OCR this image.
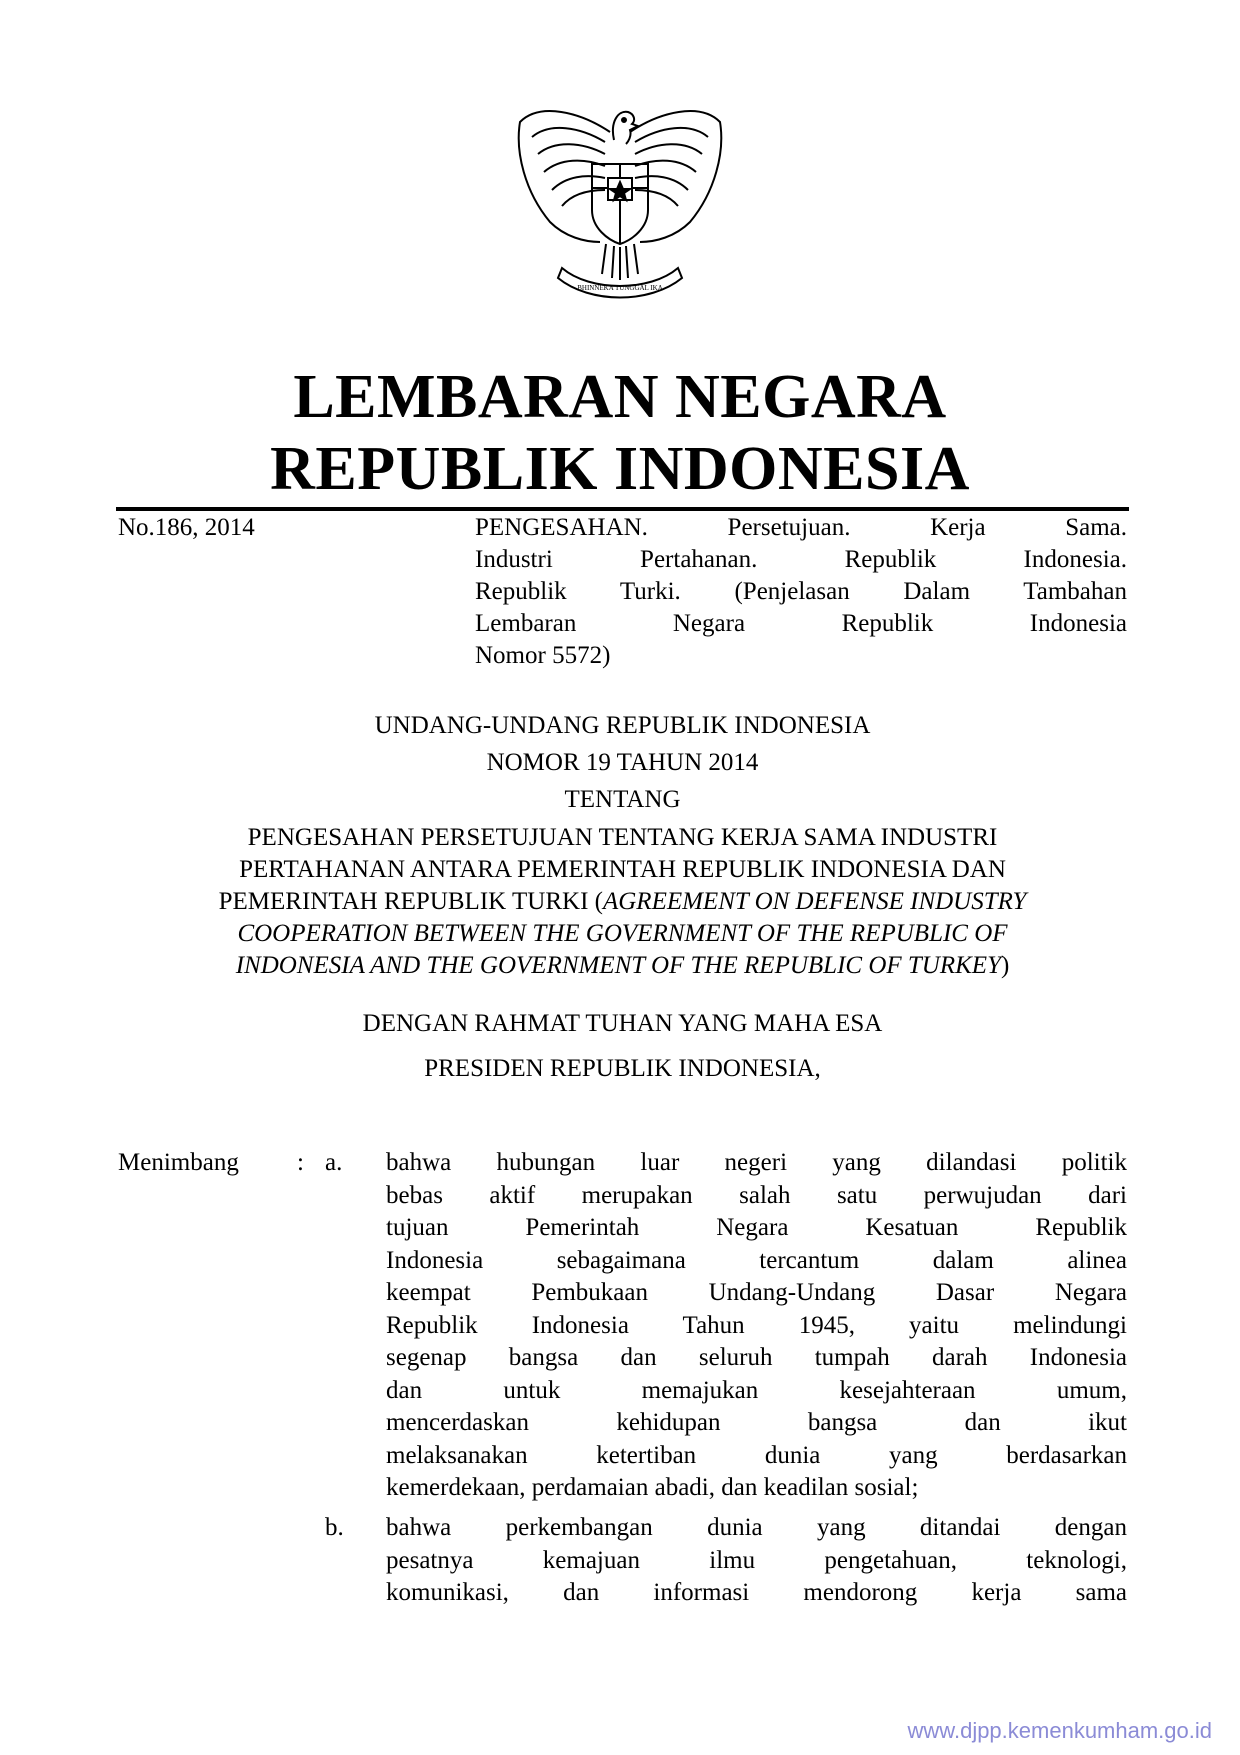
BHINNEKA TUNGGAL IKA
LEMBARAN NEGARA
REPUBLIK INDONESIA
No.186, 2014	PENGESAHAN. Persetujuan. Kerja Sama.
Industri Pertahanan. Republik Indonesia.
Republik Turki. (Penjelasan Dalam Tambahan
Lembaran Negara Republik Indonesia
Nomor 5572)
UNDANG-UNDANG REPUBLIK INDONESIA
NOMOR 19 TAHUN 2014
TENTANG
PENGESAHAN PERSETUJUAN TENTANG KERJA SAMA INDUSTRI
PERTAHANAN ANTARA PEMERINTAH REPUBLIK INDONESIA DAN
PEMERINTAH REPUBLIK TURKI (AGREEMENT ON DEFENSE INDUSTRY
COOPERATION BETWEEN THE GOVERNMENT OF THE REPUBLIC OF
INDONESIA AND THE GOVERNMENT OF THE REPUBLIC OF TURKEY)
DENGAN RAHMAT TUHAN YANG MAHA ESA
PRESIDEN REPUBLIK INDONESIA,
Menimbang : a. bahwa hubungan luar negeri yang dilandasi politik
bebas aktif merupakan salah satu perwujudan dari
tujuan Pemerintah Negara Kesatuan Republik
Indonesia sebagaimana tercantum dalam alinea
keempat Pembukaan Undang-Undang Dasar Negara
Republik Indonesia Tahun 1945, yaitu melindungi
segenap bangsa dan seluruh tumpah darah Indonesia
dan untuk memajukan kesejahteraan umum,
mencerdaskan kehidupan bangsa dan ikut
melaksanakan ketertiban dunia yang berdasarkan
kemerdekaan, perdamaian abadi, dan keadilan sosial;
b. bahwa perkembangan dunia yang ditandai dengan
pesatnya kemajuan ilmu pengetahuan, teknologi,
komunikasi, dan informasi mendorong kerja sama
www.djpp.kemenkumham.go.id
